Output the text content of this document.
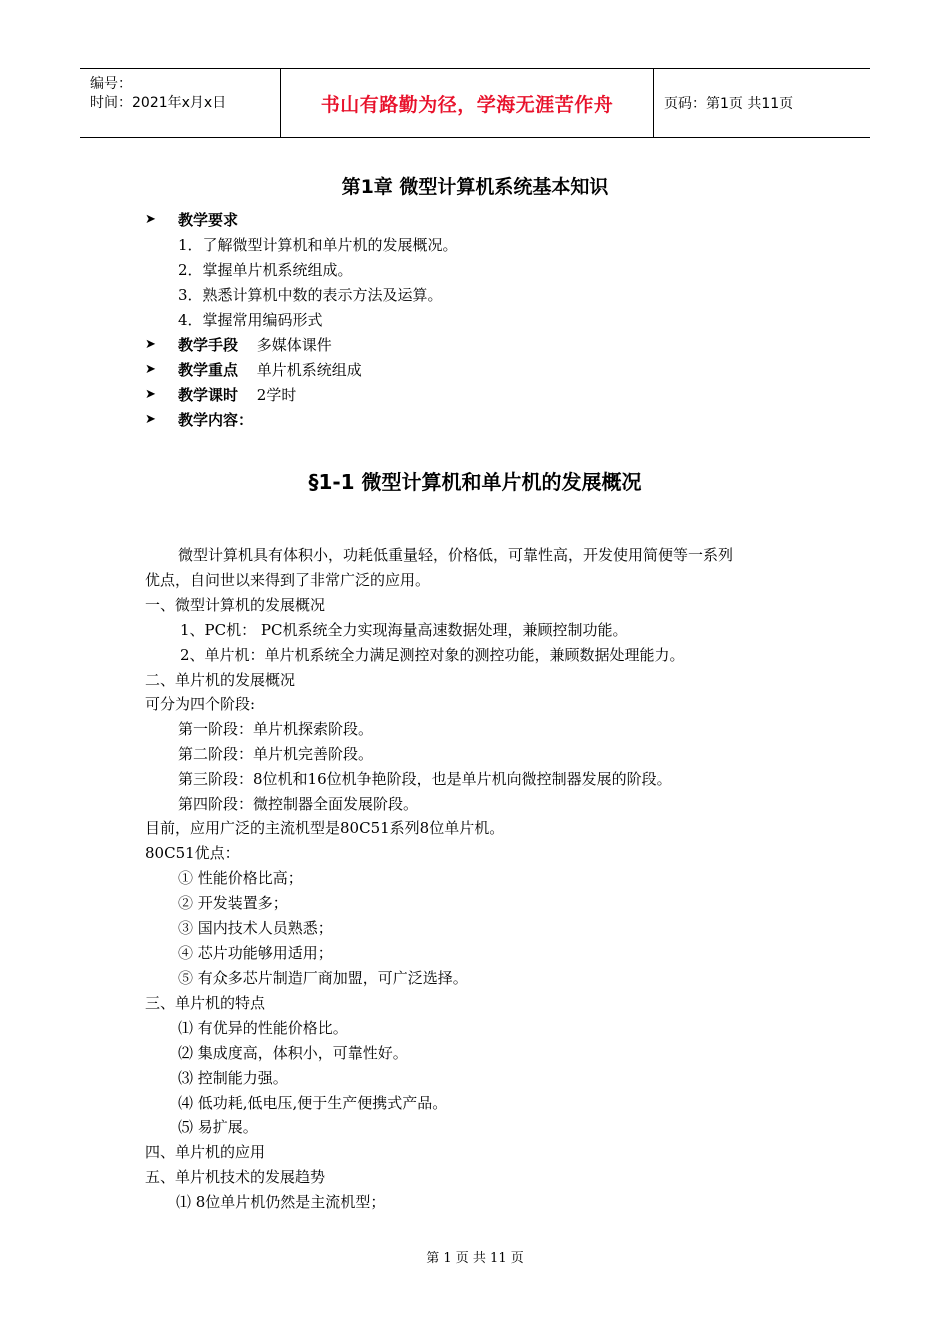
编号：
时间：2021年x月x日	书山有路勤为径，学海无涯苦作舟	页码：第1页 共11页
第1章 微型计算机系统基本知识
➤ 教学要求
1．了解微型计算机和单片机的发展概况。
2．掌握单片机系统组成。
3．熟悉计算机中数的表示方法及运算。
4．掌握常用编码形式
➤ 教学手段 多媒体课件
➤ 教学重点 单片机系统组成
➤ 教学课时 2学时
➤ 教学内容：
§1-1 微型计算机和单片机的发展概况
微型计算机具有体积小，功耗低重量轻，价格低，可靠性高，开发使用简便等一系列
优点，自问世以来得到了非常广泛的应用。
一、微型计算机的发展概况
1、PC机： PC机系统全力实现海量高速数据处理，兼顾控制功能。
2、单片机：单片机系统全力满足测控对象的测控功能，兼顾数据处理能力。
二、单片机的发展概况
可分为四个阶段:
第一阶段：单片机探索阶段。
第二阶段：单片机完善阶段。
第三阶段：8位机和16位机争艳阶段，也是单片机向微控制器发展的阶段。
第四阶段：微控制器全面发展阶段。
目前，应用广泛的主流机型是80C51系列8位单片机。
80C51优点：
① 性能价格比高；
② 开发装置多；
③ 国内技术人员熟悉；
④ 芯片功能够用适用；
⑤ 有众多芯片制造厂商加盟，可广泛选择。
三、单片机的特点
⑴ 有优异的性能价格比。
⑵ 集成度高，体积小，可靠性好。
⑶ 控制能力强。
⑷ 低功耗,低电压,便于生产便携式产品。
⑸ 易扩展。
四、单片机的应用
五、单片机技术的发展趋势
⑴ 8位单片机仍然是主流机型；
第 1 页 共 11 页
